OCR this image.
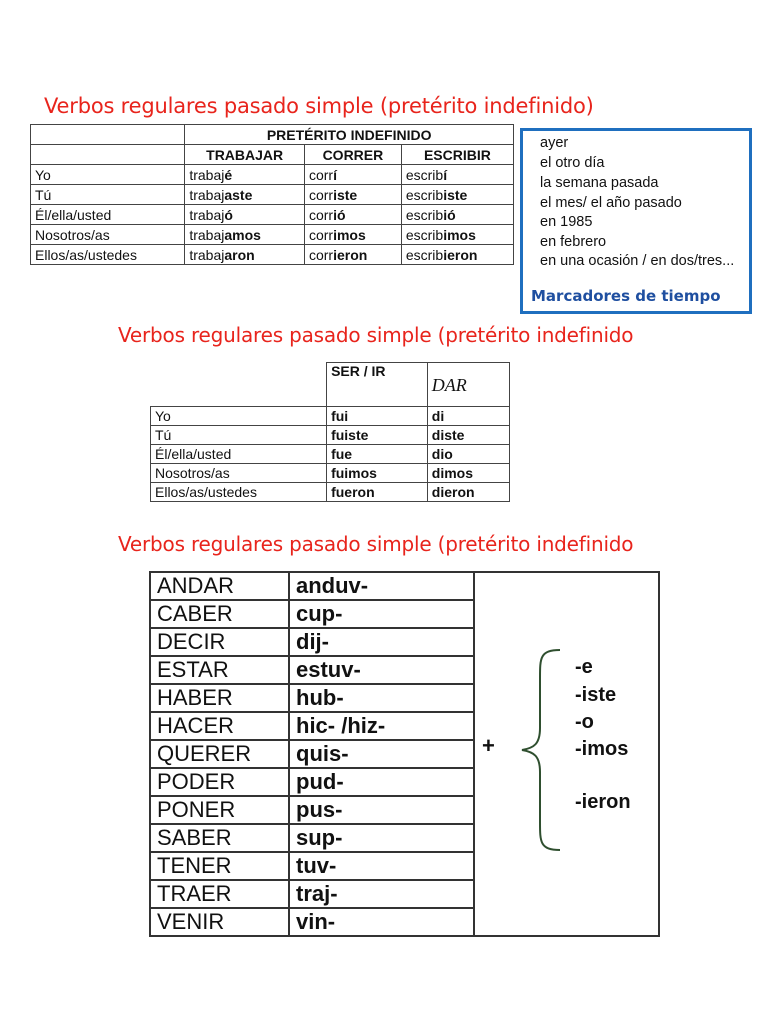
Verbos regulares pasado simple (pretérito indefinido)
	PRETÉRITO INDEFINIDO		
	TRABAJAR	CORRER	ESCRIBIR
Yo	trabajé	corrí	escribí
Tú	trabajaste	corriste	escribiste
Él/ella/usted	trabajó	corrió	escribió
Nosotros/as	trabajamos	corrimos	escribimos
Ellos/as/ustedes	trabajaron	corrieron	escribieron
ayer
el otro día
la semana pasada
el mes/ el año pasado
en 1985
en febrero
en una ocasión / en dos/tres...
Marcadores de tiempo
Verbos regulares pasado simple (pretérito indefinido
	SER / IR	DAR

Yo	fui	di
Tú	fuiste	diste
Él/ella/usted	fue	dio
Nosotros/as	fuimos	dimos
Ellos/as/ustedes	fueron	dieron
Verbos regulares pasado simple (pretérito indefinido
ANDAR	anduv-
CABER	cup-
DECIR	dij-
ESTAR	estuv-
HABER	hub-
HACER	hic- /hiz-
QUERER	quis-
PODER	pud-
PONER	pus-
SABER	sup-
TENER	tuv-
TRAER	traj-
VENIR	vin-
+
-e
-iste
-o
-imos
-ieron
